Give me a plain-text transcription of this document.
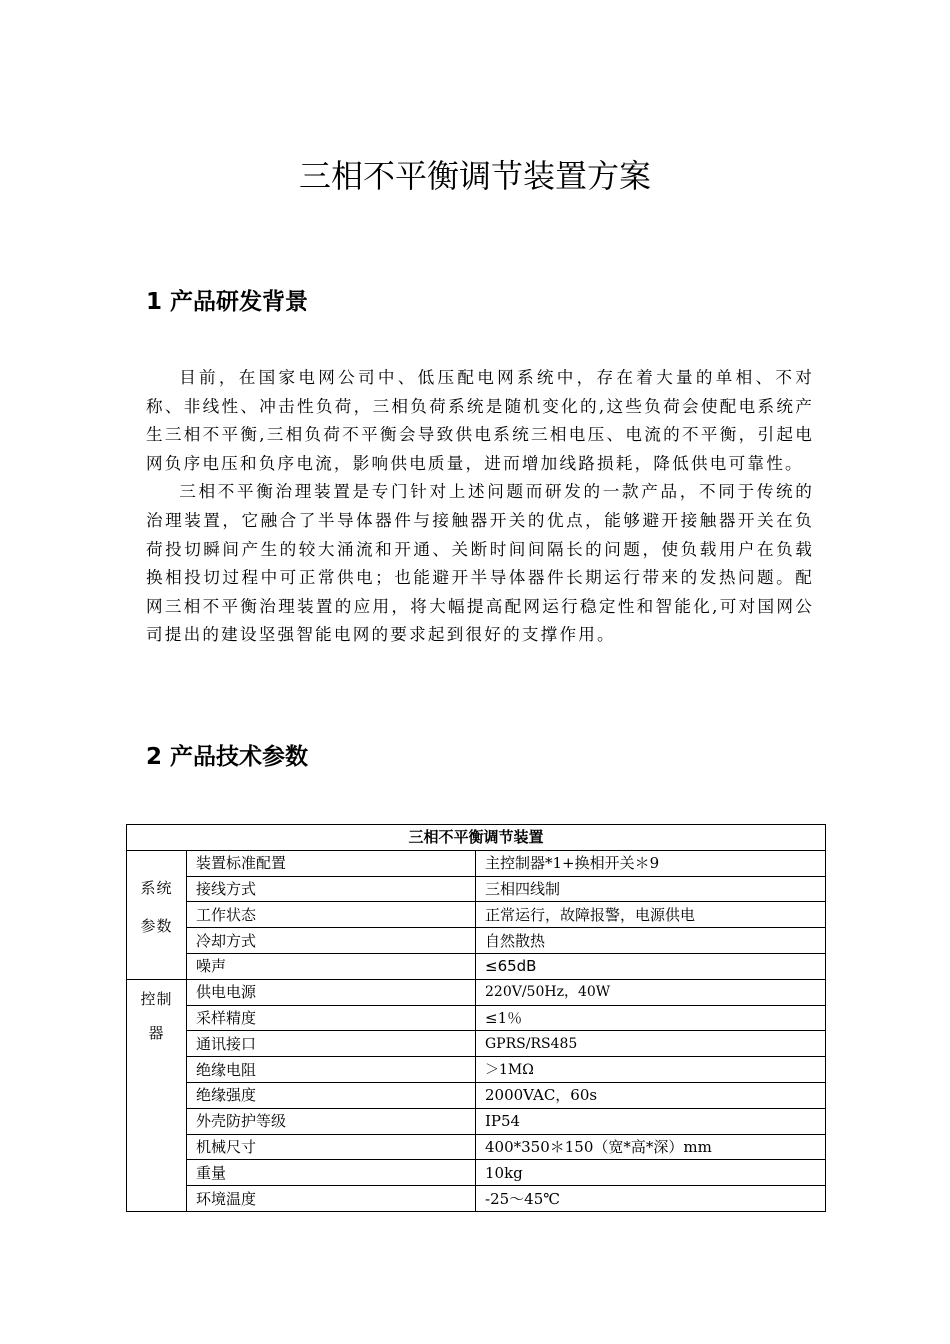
三相不平衡调节装置方案
1 产品研发背景

目前，在国家电网公司中、低压配电网系统中，存在着大量的单相、不对称、非线性、冲击性负荷，三相负荷系统是随机变化的,这些负荷会使配电系统产生三相不平衡,三相负荷不平衡会导致供电系统三相电压、电流的不平衡，引起电网负序电压和负序电流，影响供电质量，进而增加线路损耗，降低供电可靠性。

三相不平衡治理装置是专门针对上述问题而研发的一款产品，不同于传统的治理装置，它融合了半导体器件与接触器开关的优点，能够避开接触器开关在负荷投切瞬间产生的较大涌流和开通、关断时间间隔长的问题，使负载用户在负载换相投切过程中可正常供电；也能避开半导体器件长期运行带来的发热问题。配网三相不平衡治理装置的应用，将大幅提高配网运行稳定性和智能化,可对国网公司提出的建设坚强智能电网的要求起到很好的支撑作用。

2 产品技术参数
三相不平衡调节装置		
系统参数	装置标准配置	主控制器*1+换相开关＊9
	接线方式	三相四线制
	工作状态	正常运行，故障报警，电源供电
	冷却方式	自然散热
	噪声	≤65dB
控制器	供电电源	220V/50Hz，40W
	采样精度	≤1％
	通讯接口	GPRS/RS485
	绝缘电阻	＞1MΩ
	绝缘强度	2000VAC，60s
	外壳防护等级	IP54
	机械尺寸	400*350＊150（宽*高*深）mm
	重量	10kg
	环境温度	-25～45℃
